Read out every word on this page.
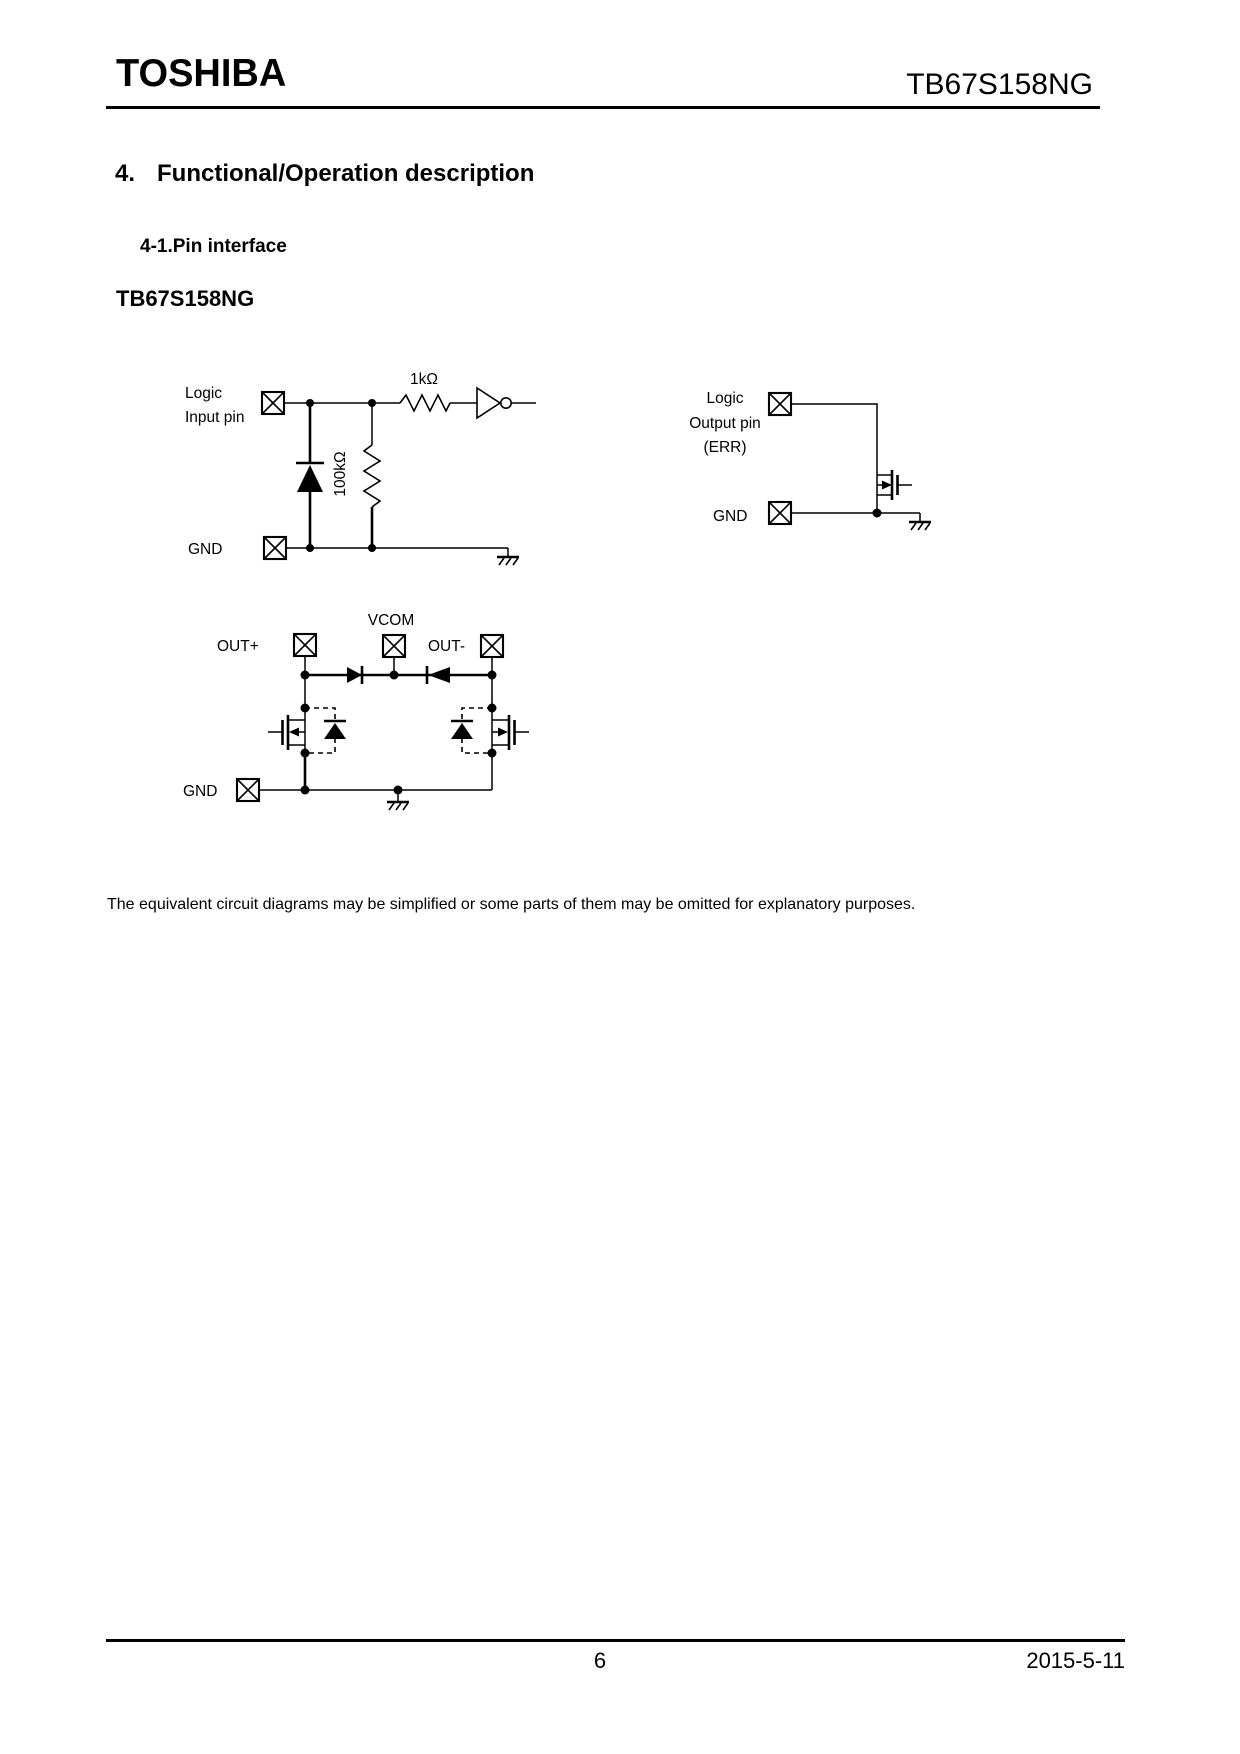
TOSHIBA	TB67S158NG
4. Functional/Operation description
4-1.Pin interface
TB67S158NG
Logic
Input pin
1kΩ
100kΩ
GND
Logic
Output pin
(ERR)
GND
VCOM
OUT+	OUT-
GND
The equivalent circuit diagrams may be simplified or some parts of them may be omitted for explanatory purposes.
6	2015-5-11
